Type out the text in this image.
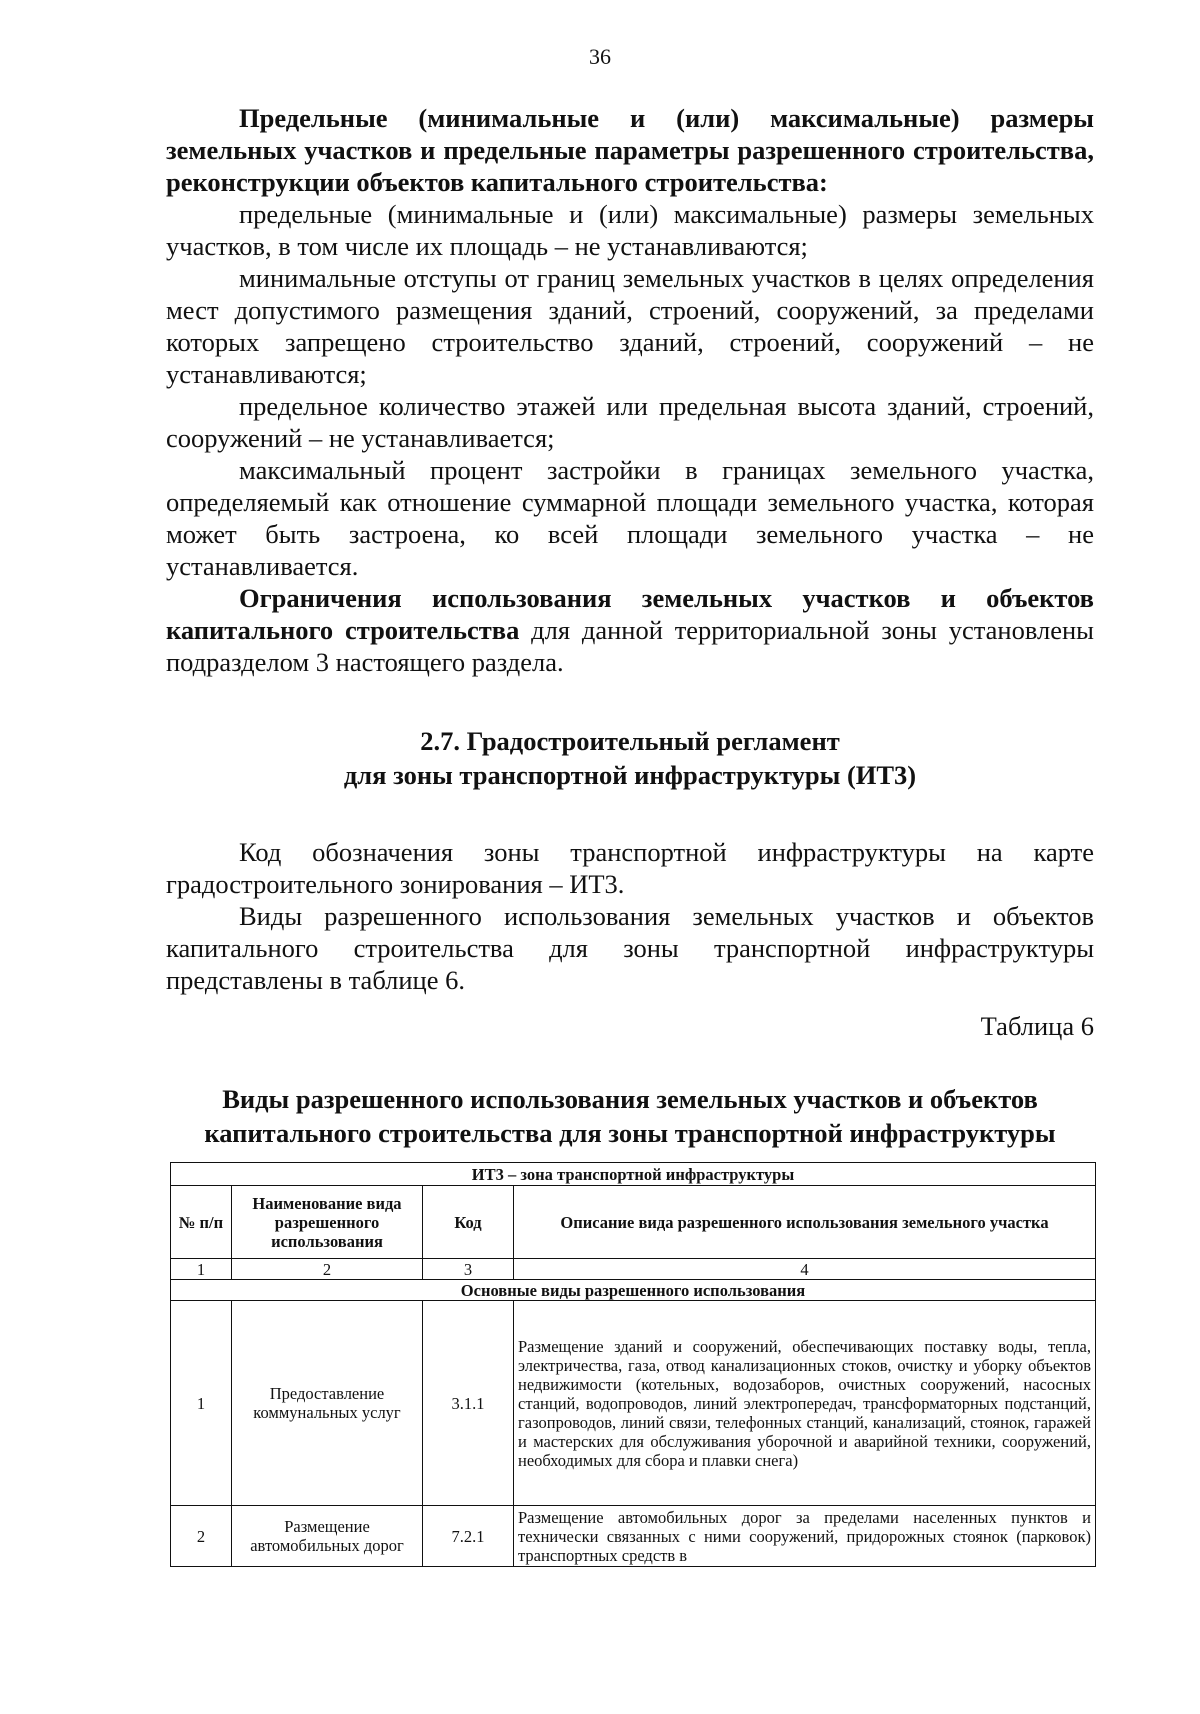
36

Предельные (минимальные и (или) максимальные) размеры земельных участков и предельные параметры разрешенного строительства, реконструкции объектов капитального строительства:

предельные (минимальные и (или) максимальные) размеры земельных участков, в том числе их площадь – не устанавливаются;

минимальные отступы от границ земельных участков в целях определения мест допустимого размещения зданий, строений, сооружений, за пределами которых запрещено строительство зданий, строений, сооружений – не устанавливаются;

предельное количество этажей или предельная высота зданий, строений, сооружений – не устанавливается;

максимальный процент застройки в границах земельного участка, определяемый как отношение суммарной площади земельного участка, которая может быть застроена, ко всей площади земельного участка – не устанавливается.

Ограничения использования земельных участков и объектов капитального строительства для данной территориальной зоны установлены подразделом 3 настоящего раздела.

2.7. Градостроительный регламент
для зоны транспортной инфраструктуры (ИТ3)

Код обозначения зоны транспортной инфраструктуры на карте градостроительного зонирования – ИТ3.

Виды разрешенного использования земельных участков и объектов капитального строительства для зоны транспортной инфраструктуры представлены в таблице 6.

Таблица 6
Виды разрешенного использования земельных участков и объектов
капитального строительства для зоны транспортной инфраструктуры
ИТ3 – зона транспортной инфраструктуры			
№ п/п	Наименование вида разрешенного использования	Код	Описание вида разрешенного использования земельного участка
1	2	3	4
Основные виды разрешенного использования			
1	Предоставление коммунальных услуг	3.1.1	Размещение зданий и сооружений, обеспечивающих поставку воды, тепла, электричества, газа, отвод канализационных стоков, очистку и уборку объектов недвижимости (котельных, водозаборов, очистных сооружений, насосных станций, водопроводов, линий электропередач, трансформаторных подстанций, газопроводов, линий связи, телефонных станций, канализаций, стоянок, гаражей и мастерских для обслуживания уборочной и аварийной техники, сооружений, необходимых для сбора и плавки снега)
2	Размещение автомобильных дорог	7.2.1	Размещение автомобильных дорог за пределами населенных пунктов и технически связанных с ними сооружений, придорожных стоянок (парковок) транспортных средств в
